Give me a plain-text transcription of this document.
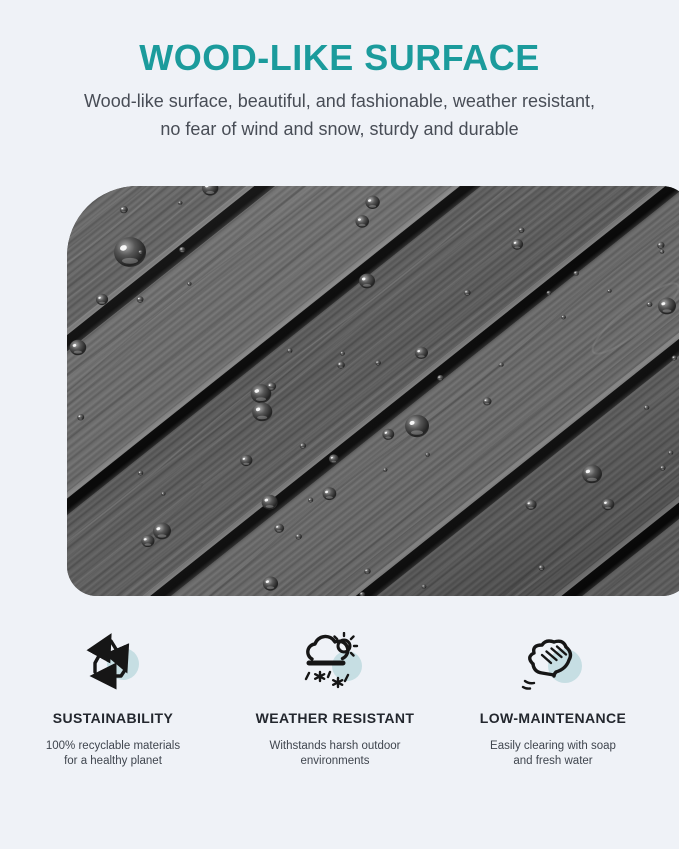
WOOD-LIKE SURFACE

Wood-like surface, beautiful, and fashionable, weather resistant,
no fear of wind and snow, sturdy and durable

SUSTAINABILITY

100% recyclable materials
for a healthy planet

WEATHER RESISTANT

Withstands harsh outdoor
environments

LOW-MAINTENANCE

Easily clearing with soap
and fresh water
